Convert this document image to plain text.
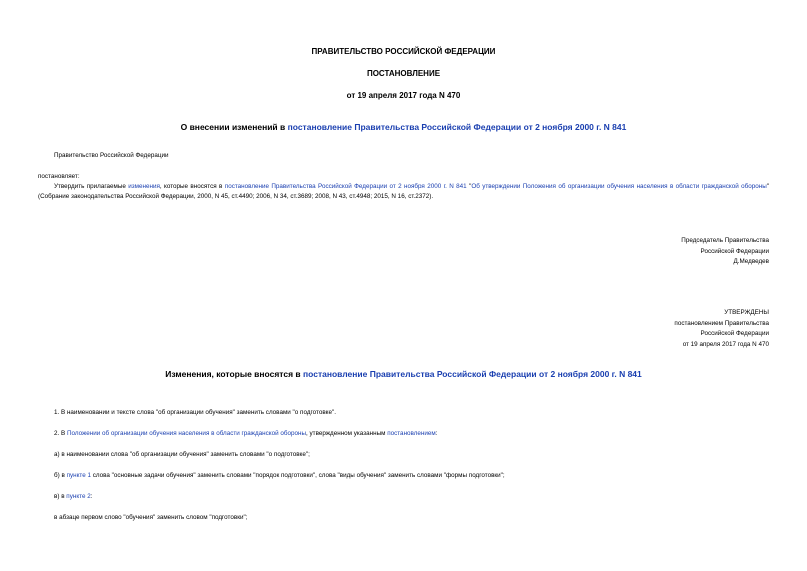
ПРАВИТЕЛЬСТВО РОССИЙСКОЙ ФЕДЕРАЦИИ
ПОСТАНОВЛЕНИЕ
от 19 апреля 2017 года N 470
О внесении изменений в постановление Правительства Российской Федерации от 2 ноября 2000 г. N 841
Правительство Российской Федерации
постановляет:
Утвердить прилагаемые изменения, которые вносятся в постановление Правительства Российской Федерации от 2 ноября 2000 г. N 841 "Об утверждении Положения об организации обучения населения в области гражданской обороны" (Собрание законодательства Российской Федерации, 2000, N 45, ст.4490; 2006, N 34, ст.3689; 2008, N 43, ст.4948; 2015, N 16, ст.2372).
Председатель Правительства
Российской Федерации
Д.Медведев
УТВЕРЖДЕНЫ
постановлением Правительства
Российской Федерации
от 19 апреля 2017 года N 470
Изменения, которые вносятся в постановление Правительства Российской Федерации от 2 ноября 2000 г. N 841
1. В наименовании и тексте слова "об организации обучения" заменить словами "о подготовке".
2. В Положении об организации обучения населения в области гражданской обороны, утвержденном указанным постановлением:
а) в наименовании слова "об организации обучения" заменить словами "о подготовке";
б) в пункте 1 слова "основные задачи обучения" заменить словами "порядок подготовки", слова "виды обучения" заменить словами "формы подготовки";
в) в пункте 2:
в абзаце первом слово "обучения" заменить словом "подготовки";
